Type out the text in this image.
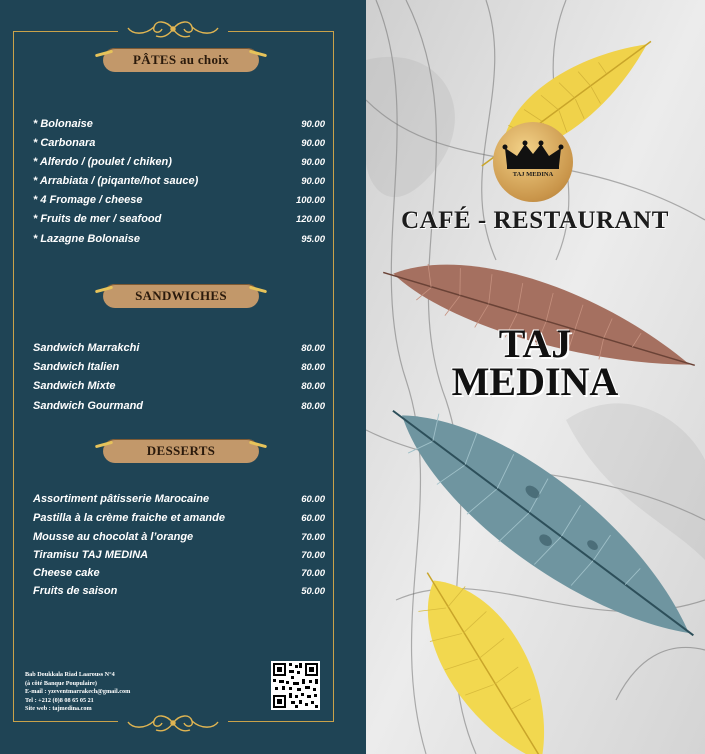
PÂTES au choix
* Bolonaise	90.00
* Carbonara	90.00
* Alferdo / (poulet / chiken)	90.00
* Arrabiata / (piqante/hot sauce)	90.00
* 4 Fromage / cheese	100.00
* Fruits de mer / seafood	120.00
* Lazagne Bolonaise	95.00
SANDWICHES
Sandwich Marrakchi	80.00
Sandwich Italien	80.00
Sandwich Mixte	80.00
Sandwich Gourmand	80.00
DESSERTS
Assortiment pâtisserie Marocaine	60.00
Pastilla à la crème fraiche et amande	60.00
Mousse au chocolat à l’orange	70.00
Tiramisu TAJ MEDINA	70.00
Cheese cake	70.00
Fruits de saison	50.00
Bab Doukkala Riad Laarouss N°4
(à côté Banque Poupulaire)
E-mail : yzeventmarrakech@gmail.com
Tel : +212 (0)8 08 65 05 21
Site web : tajmedina.com
TAJ MEDINA
CAFÉ - RESTAURANT
TAJ
MEDINA
